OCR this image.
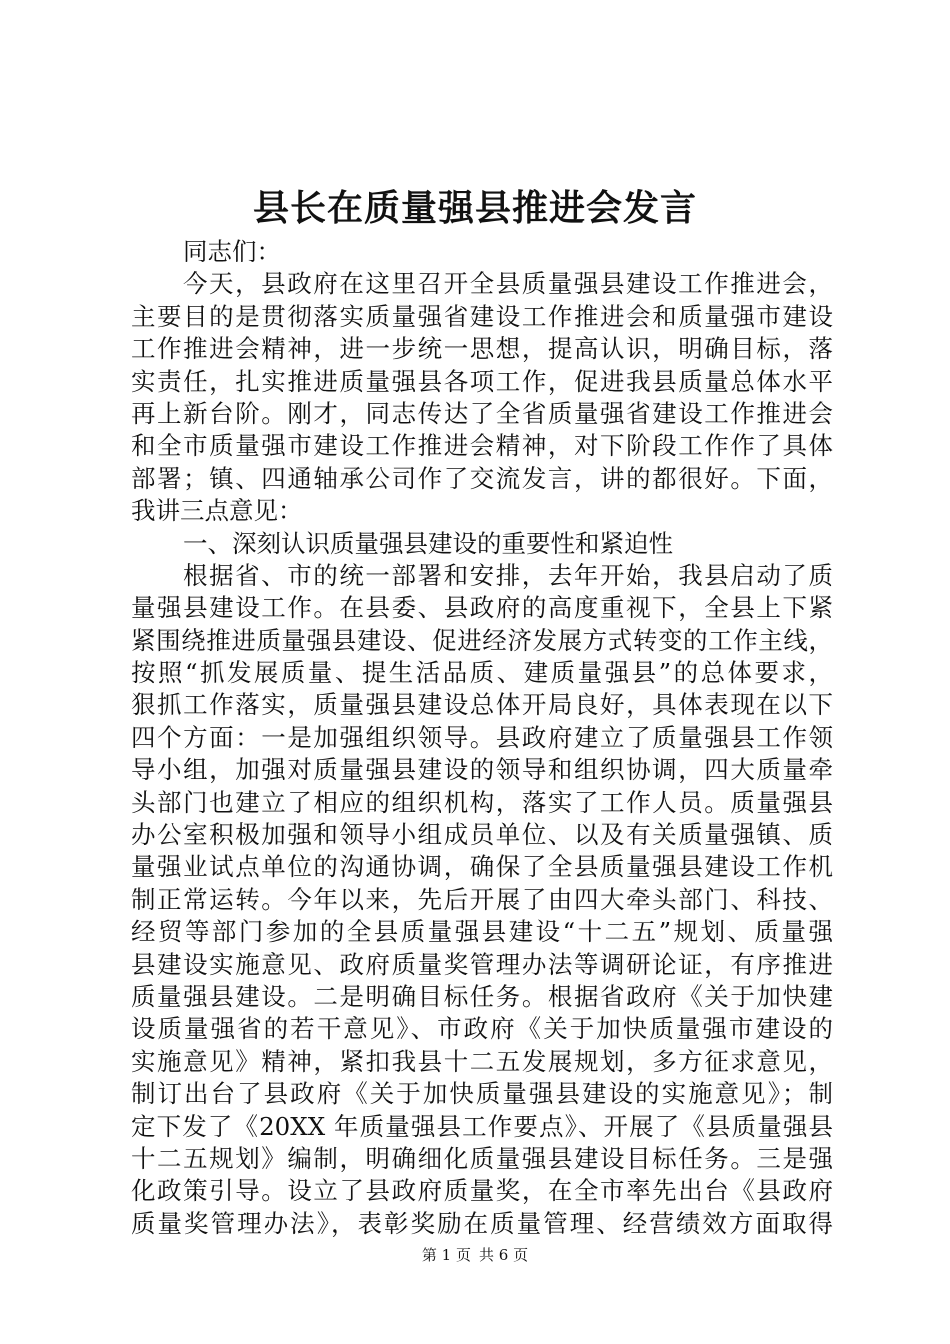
县长在质量强县推进会发言
同志们：
今天，县政府在这里召开全县质量强县建设工作推进会，
主要目的是贯彻落实质量强省建设工作推进会和质量强市建设
工作推进会精神，进一步统一思想，提高认识，明确目标，落
实责任，扎实推进质量强县各项工作，促进我县质量总体水平
再上新台阶。刚才，同志传达了全省质量强省建设工作推进会
和全市质量强市建设工作推进会精神，对下阶段工作作了具体
部署；镇、四通轴承公司作了交流发言，讲的都很好。下面，
我讲三点意见：
一、深刻认识质量强县建设的重要性和紧迫性
根据省、市的统一部署和安排，去年开始，我县启动了质
量强县建设工作。在县委、县政府的高度重视下，全县上下紧
紧围绕推进质量强县建设、促进经济发展方式转变的工作主线，
按照“抓发展质量、提生活品质、建质量强县”的总体要求，
狠抓工作落实，质量强县建设总体开局良好，具体表现在以下
四个方面：一是加强组织领导。县政府建立了质量强县工作领
导小组，加强对质量强县建设的领导和组织协调，四大质量牵
头部门也建立了相应的组织机构，落实了工作人员。质量强县
办公室积极加强和领导小组成员单位、以及有关质量强镇、质
量强业试点单位的沟通协调，确保了全县质量强县建设工作机
制正常运转。今年以来，先后开展了由四大牵头部门、科技、
经贸等部门参加的全县质量强县建设“十二五”规划、质量强
县建设实施意见、政府质量奖管理办法等调研论证，有序推进
质量强县建设。二是明确目标任务。根据省政府《关于加快建
设质量强省的若干意见》、市政府《关于加快质量强市建设的
实施意见》精神，紧扣我县十二五发展规划，多方征求意见，
制订出台了县政府《关于加快质量强县建设的实施意见》；制
定下发了《20XX 年质量强县工作要点》、开展了《县质量强县
十二五规划》编制，明确细化质量强县建设目标任务。三是强
化政策引导。设立了县政府质量奖，在全市率先出台《县政府
质量奖管理办法》，表彰奖励在质量管理、经营绩效方面取得
第 1 页 共 6 页
